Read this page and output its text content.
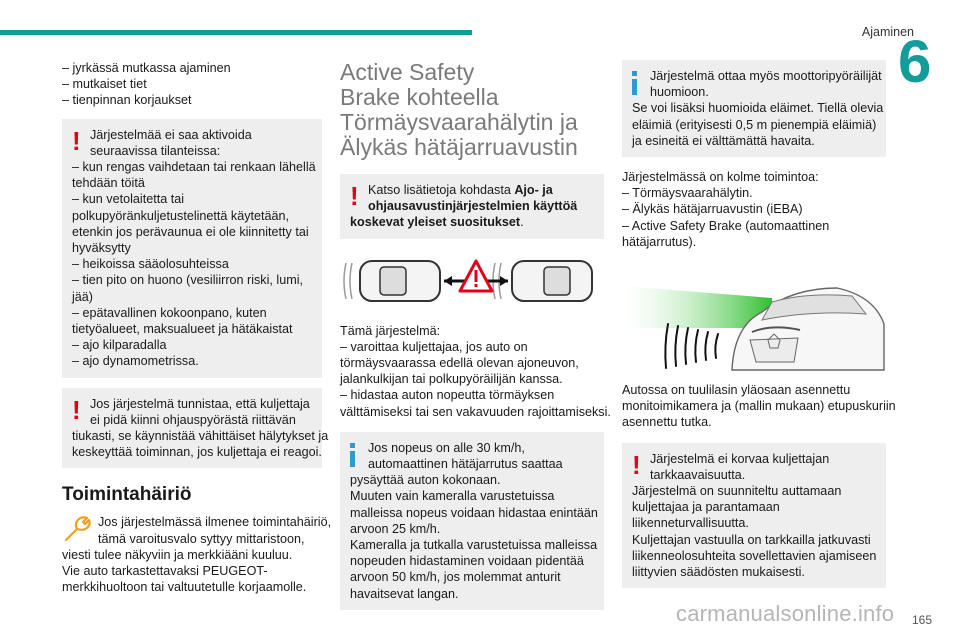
Ajaminen
6
– jyrkässä mutkassa ajaminen
– mutkaiset tiet
– tienpinnan korjaukset
! Järjestelmää ei saa aktivoida
seuraavissa tilanteissa:
– kun rengas vaihdetaan tai renkaan lähellä
tehdään töitä
– kun vetolaitetta tai
polkupyöränkuljetustelinettä käytetään,
etenkin jos perävaunua ei ole kiinnitetty tai
hyväksytty
– heikoissa sääolosuhteissa
– tien pito on huono (vesiliirron riski, lumi,
jää)
– epätavallinen kokoonpano, kuten
tietyöalueet, maksualueet ja hätäkaistat
– ajo kilparadalla
– ajo dynamometrissa.
! Jos järjestelmä tunnistaa, että kuljettaja
ei pidä kiinni ohjauspyörästä riittävän
tiukasti, se käynnistää vähittäiset hälytykset ja
keskeyttää toiminnan, jos kuljettaja ei reagoi.
Toimintahäiriö
Jos järjestelmässä ilmenee toimintahäiriö,
tämä varoitusvalo syttyy mittaristoon,
viesti tulee näkyviin ja merkkiääni kuuluu.
Vie auto tarkastettavaksi PEUGEOT-
merkkihuoltoon tai valtuutetulle korjaamolle.
Active Safety
Brake kohteella
Törmäysvaarahälytin ja
Älykäs hätäjarruavustin
! Katso lisätietoja kohdasta Ajo- ja
ohjausavustinjärjestelmien käyttöä
koskevat yleiset suositukset.
Tämä järjestelmä:
– varoittaa kuljettajaa, jos auto on
törmäysvaarassa edellä olevan ajoneuvon,
jalankulkijan tai polkupyöräilijän kanssa.
– hidastaa auton nopeutta törmäyksen
välttämiseksi tai sen vakavuuden rajoittamiseksi.
Jos nopeus on alle 30 km/h,
automaattinen hätäjarrutus saattaa
pysäyttää auton kokonaan.
Muuten vain kameralla varustetuissa
malleissa nopeus voidaan hidastaa enintään
arvoon 25 km/h.
Kameralla ja tutkalla varustetuissa malleissa
nopeuden hidastaminen voidaan pidentää
arvoon 50 km/h, jos molemmat anturit
havaitsevat langan.
Järjestelmä ottaa myös moottoripyöräilijät
huomioon.
Se voi lisäksi huomioida eläimet. Tiellä olevia
eläimiä (erityisesti 0,5 m pienempiä eläimiä)
ja esineitä ei välttämättä havaita.
Järjestelmässä on kolme toimintoa:
– Törmäysvaarahälytin.
– Älykäs hätäjarruavustin (iEBA)
– Active Safety Brake (automaattinen
hätäjarrutus).
Autossa on tuulilasin yläosaan asennettu
monitoimikamera ja (mallin mukaan) etupuskuriin
asennettu tutka.
! Järjestelmä ei korvaa kuljettajan
tarkkaavaisuutta.
Järjestelmä on suunniteltu auttamaan
kuljettajaa ja parantamaan
liikenneturvallisuutta.
Kuljettajan vastuulla on tarkkailla jatkuvasti
liikenneolosuhteita sovellettavien ajamiseen
liittyvien säädösten mukaisesti.
carmanualsonline.info 165
